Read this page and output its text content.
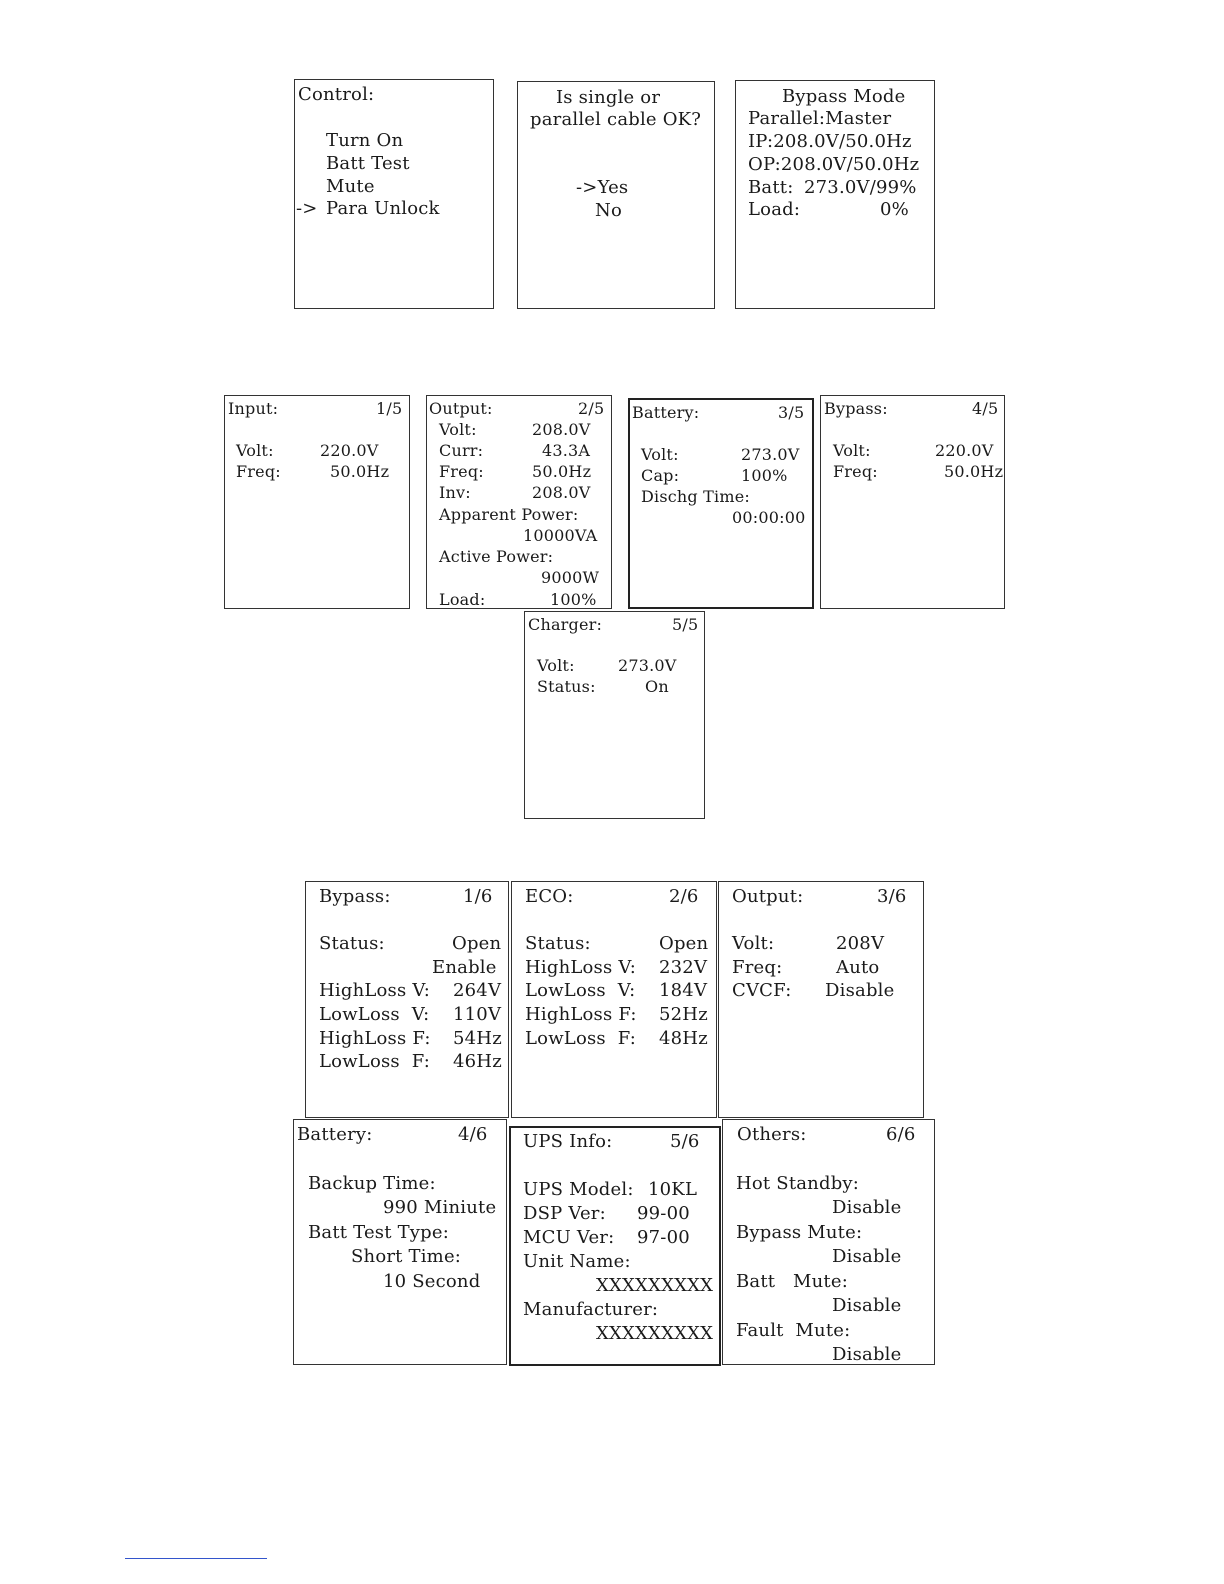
Control:
Turn On
Batt Test
Mute
-> Para Unlock
Is single or
parallel cable OK?
->Yes
No
Bypass Mode
Parallel:Master
IP:208.0V/50.0Hz
OP:208.0V/50.0Hz
Batt: 273.0V/99%
Load:	0%
Input:	1/5
Volt:	220.0V
Freq:	50.0Hz
Output:	2/5
Volt:	208.0V
Curr:	43.3A
Freq:	50.0Hz
Inv:	208.0V
Apparent Power:
10000VA
Active Power:
9000W
Load:	100%
Battery:	3/5
Volt:	273.0V
Cap:	100%
Dischg Time:
00:00:00
Bypass:	4/5
Volt:	220.0V
Freq:	50.0Hz
Charger:	5/5
Volt:	273.0V
Status:	On
Bypass:	1/6
Status:	Open
Enable
HighLoss V: 264V
LowLoss  V: 110V
HighLoss F: 54Hz
LowLoss  F: 46Hz
ECO:	2/6
Status:	Open
HighLoss V: 232V
LowLoss  V: 184V
HighLoss F: 52Hz
LowLoss  F: 48Hz
Output:	3/6
Volt:	208V
Freq:	Auto
CVCF: Disable
Battery:	4/6
Backup Time:
990 Miniute
Batt Test Type:
Short Time:
10 Second
UPS Info:	5/6
UPS Model: 10KL
DSP Ver: 99-00
MCU Ver: 97-00
Unit Name:
XXXXXXXXX
Manufacturer:
XXXXXXXXX
Others:	6/6
Hot Standby:
Disable
Bypass Mute:
Disable
Batt   Mute:
Disable
Fault  Mute:
Disable
